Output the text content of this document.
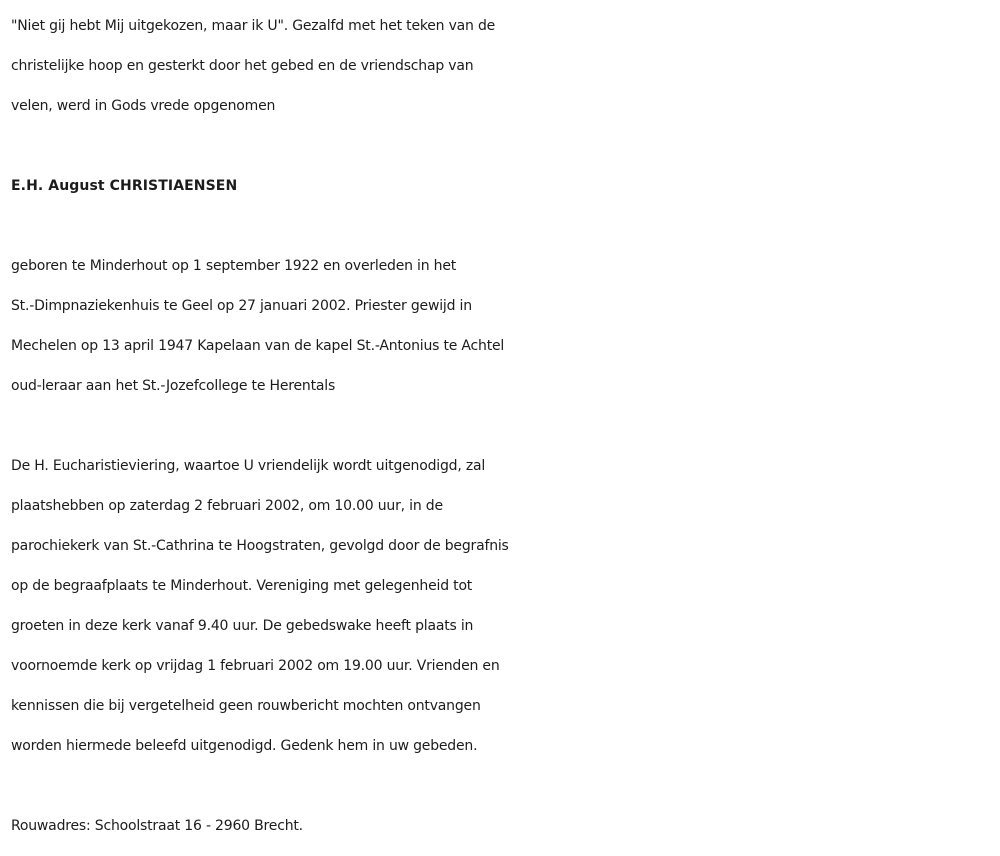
"Niet gij hebt Mij uitgekozen, maar ik U". Gezalfd met het teken van de
christelijke hoop en gesterkt door het gebed en de vriendschap van
velen, werd in Gods vrede opgenomen

E.H. August CHRISTIAENSEN

geboren te Minderhout op 1 september 1922 en overleden in het
St.-Dimpnaziekenhuis te Geel op 27 januari 2002. Priester gewijd in
Mechelen op 13 april 1947 Kapelaan van de kapel St.-Antonius te Achtel
oud-leraar aan het St.-Jozefcollege te Herentals

De H. Eucharistieviering, waartoe U vriendelijk wordt uitgenodigd, zal
plaatshebben op zaterdag 2 februari 2002, om 10.00 uur, in de
parochiekerk van St.-Cathrina te Hoogstraten, gevolgd door de begrafnis
op de begraafplaats te Minderhout. Vereniging met gelegenheid tot
groeten in deze kerk vanaf 9.40 uur. De gebedswake heeft plaats in
voornoemde kerk op vrijdag 1 februari 2002 om 19.00 uur. Vrienden en
kennissen die bij vergetelheid geen rouwbericht mochten ontvangen
worden hiermede beleefd uitgenodigd. Gedenk hem in uw gebeden.

Rouwadres: Schoolstraat 16 - 2960 Brecht.
